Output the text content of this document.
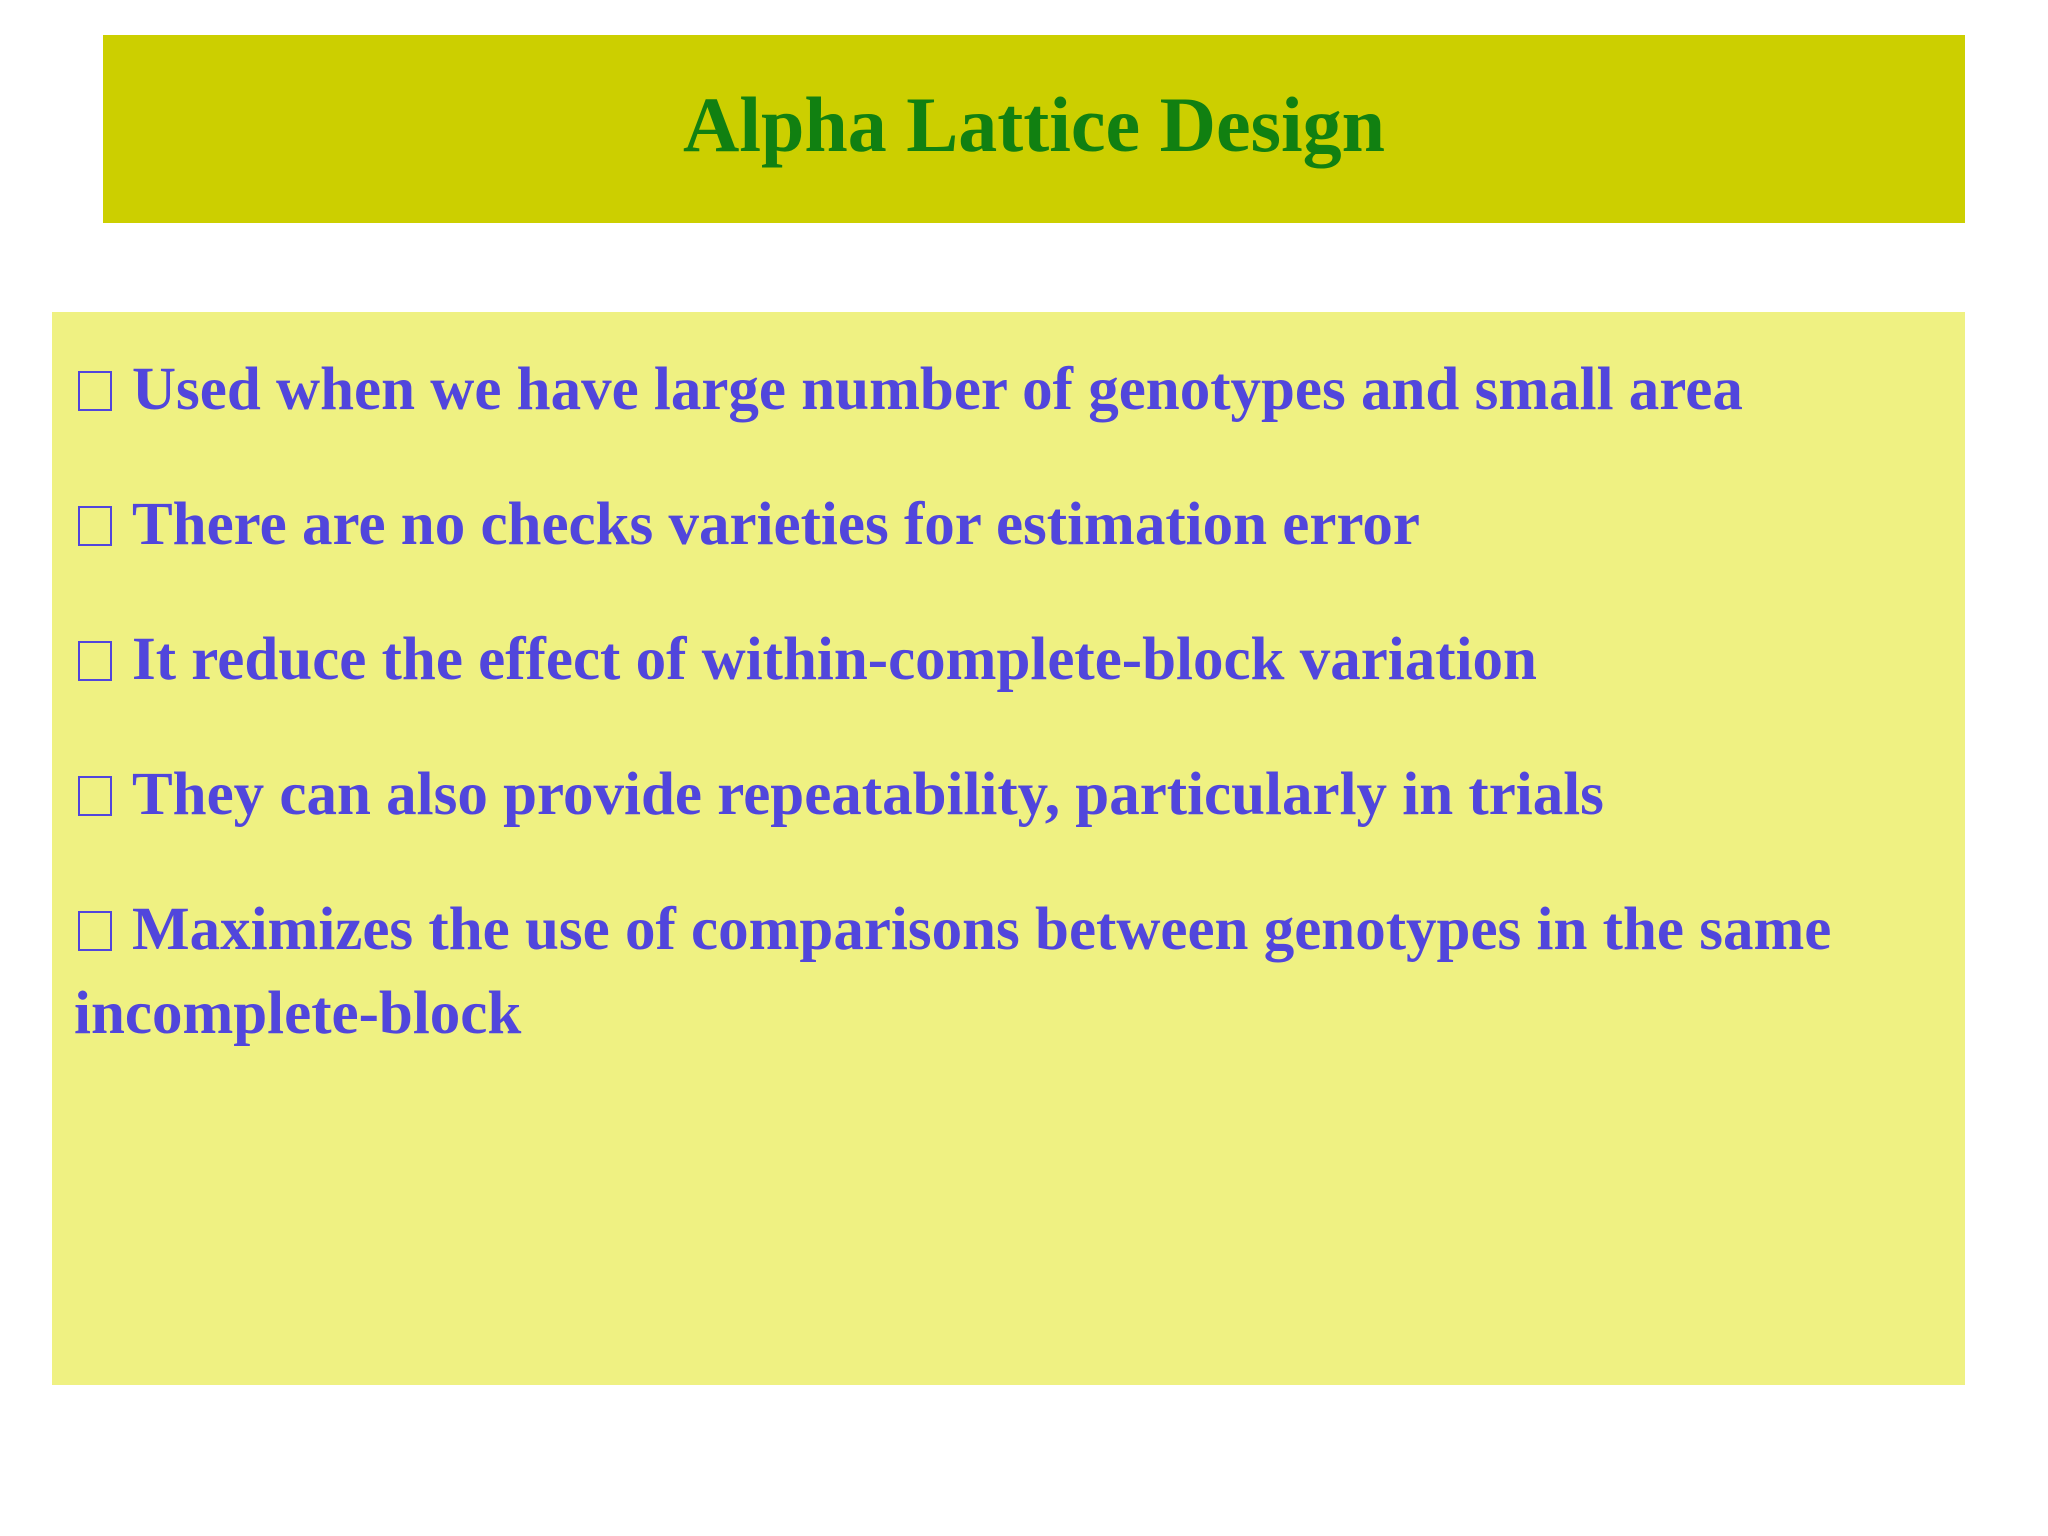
Alpha Lattice Design
Used when we have large number of genotypes and small area
There are no checks varieties for estimation error
It reduce the effect of within-complete-block variation
They can also provide repeatability, particularly in trials
Maximizes the use of comparisons between genotypes in the same incomplete-block
